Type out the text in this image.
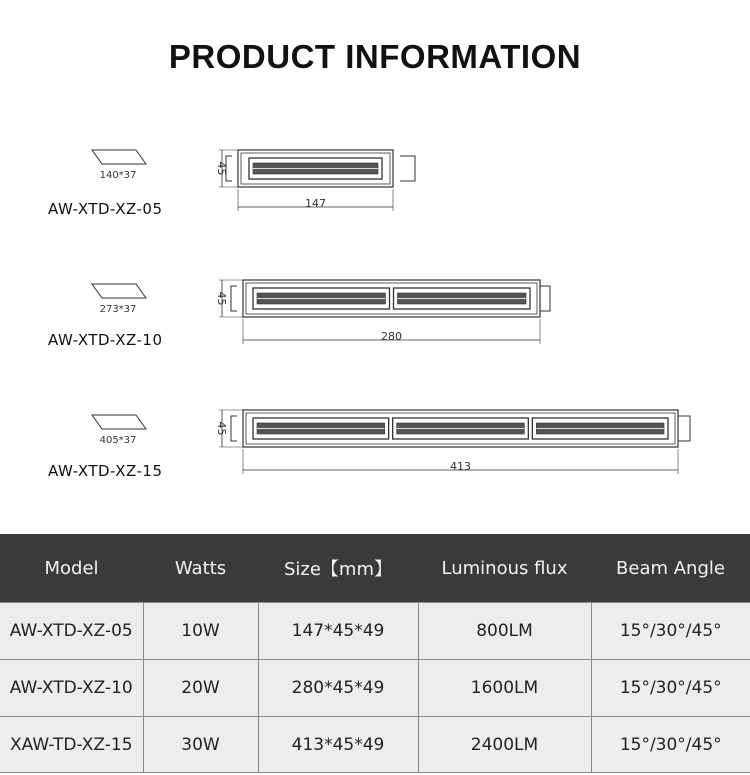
PRODUCT INFORMATION
140*37
AW-XTD-XZ-05
45
147
273*37
AW-XTD-XZ-10
45
280
405*37
AW-XTD-XZ-15
45
413
Model	Watts	Size【mm】	Luminous flux	Beam Angle
AW-XTD-XZ-05	10W	147*45*49	800LM	15°/30°/45°
AW-XTD-XZ-10	20W	280*45*49	1600LM	15°/30°/45°
XAW-TD-XZ-15	30W	413*45*49	2400LM	15°/30°/45°
